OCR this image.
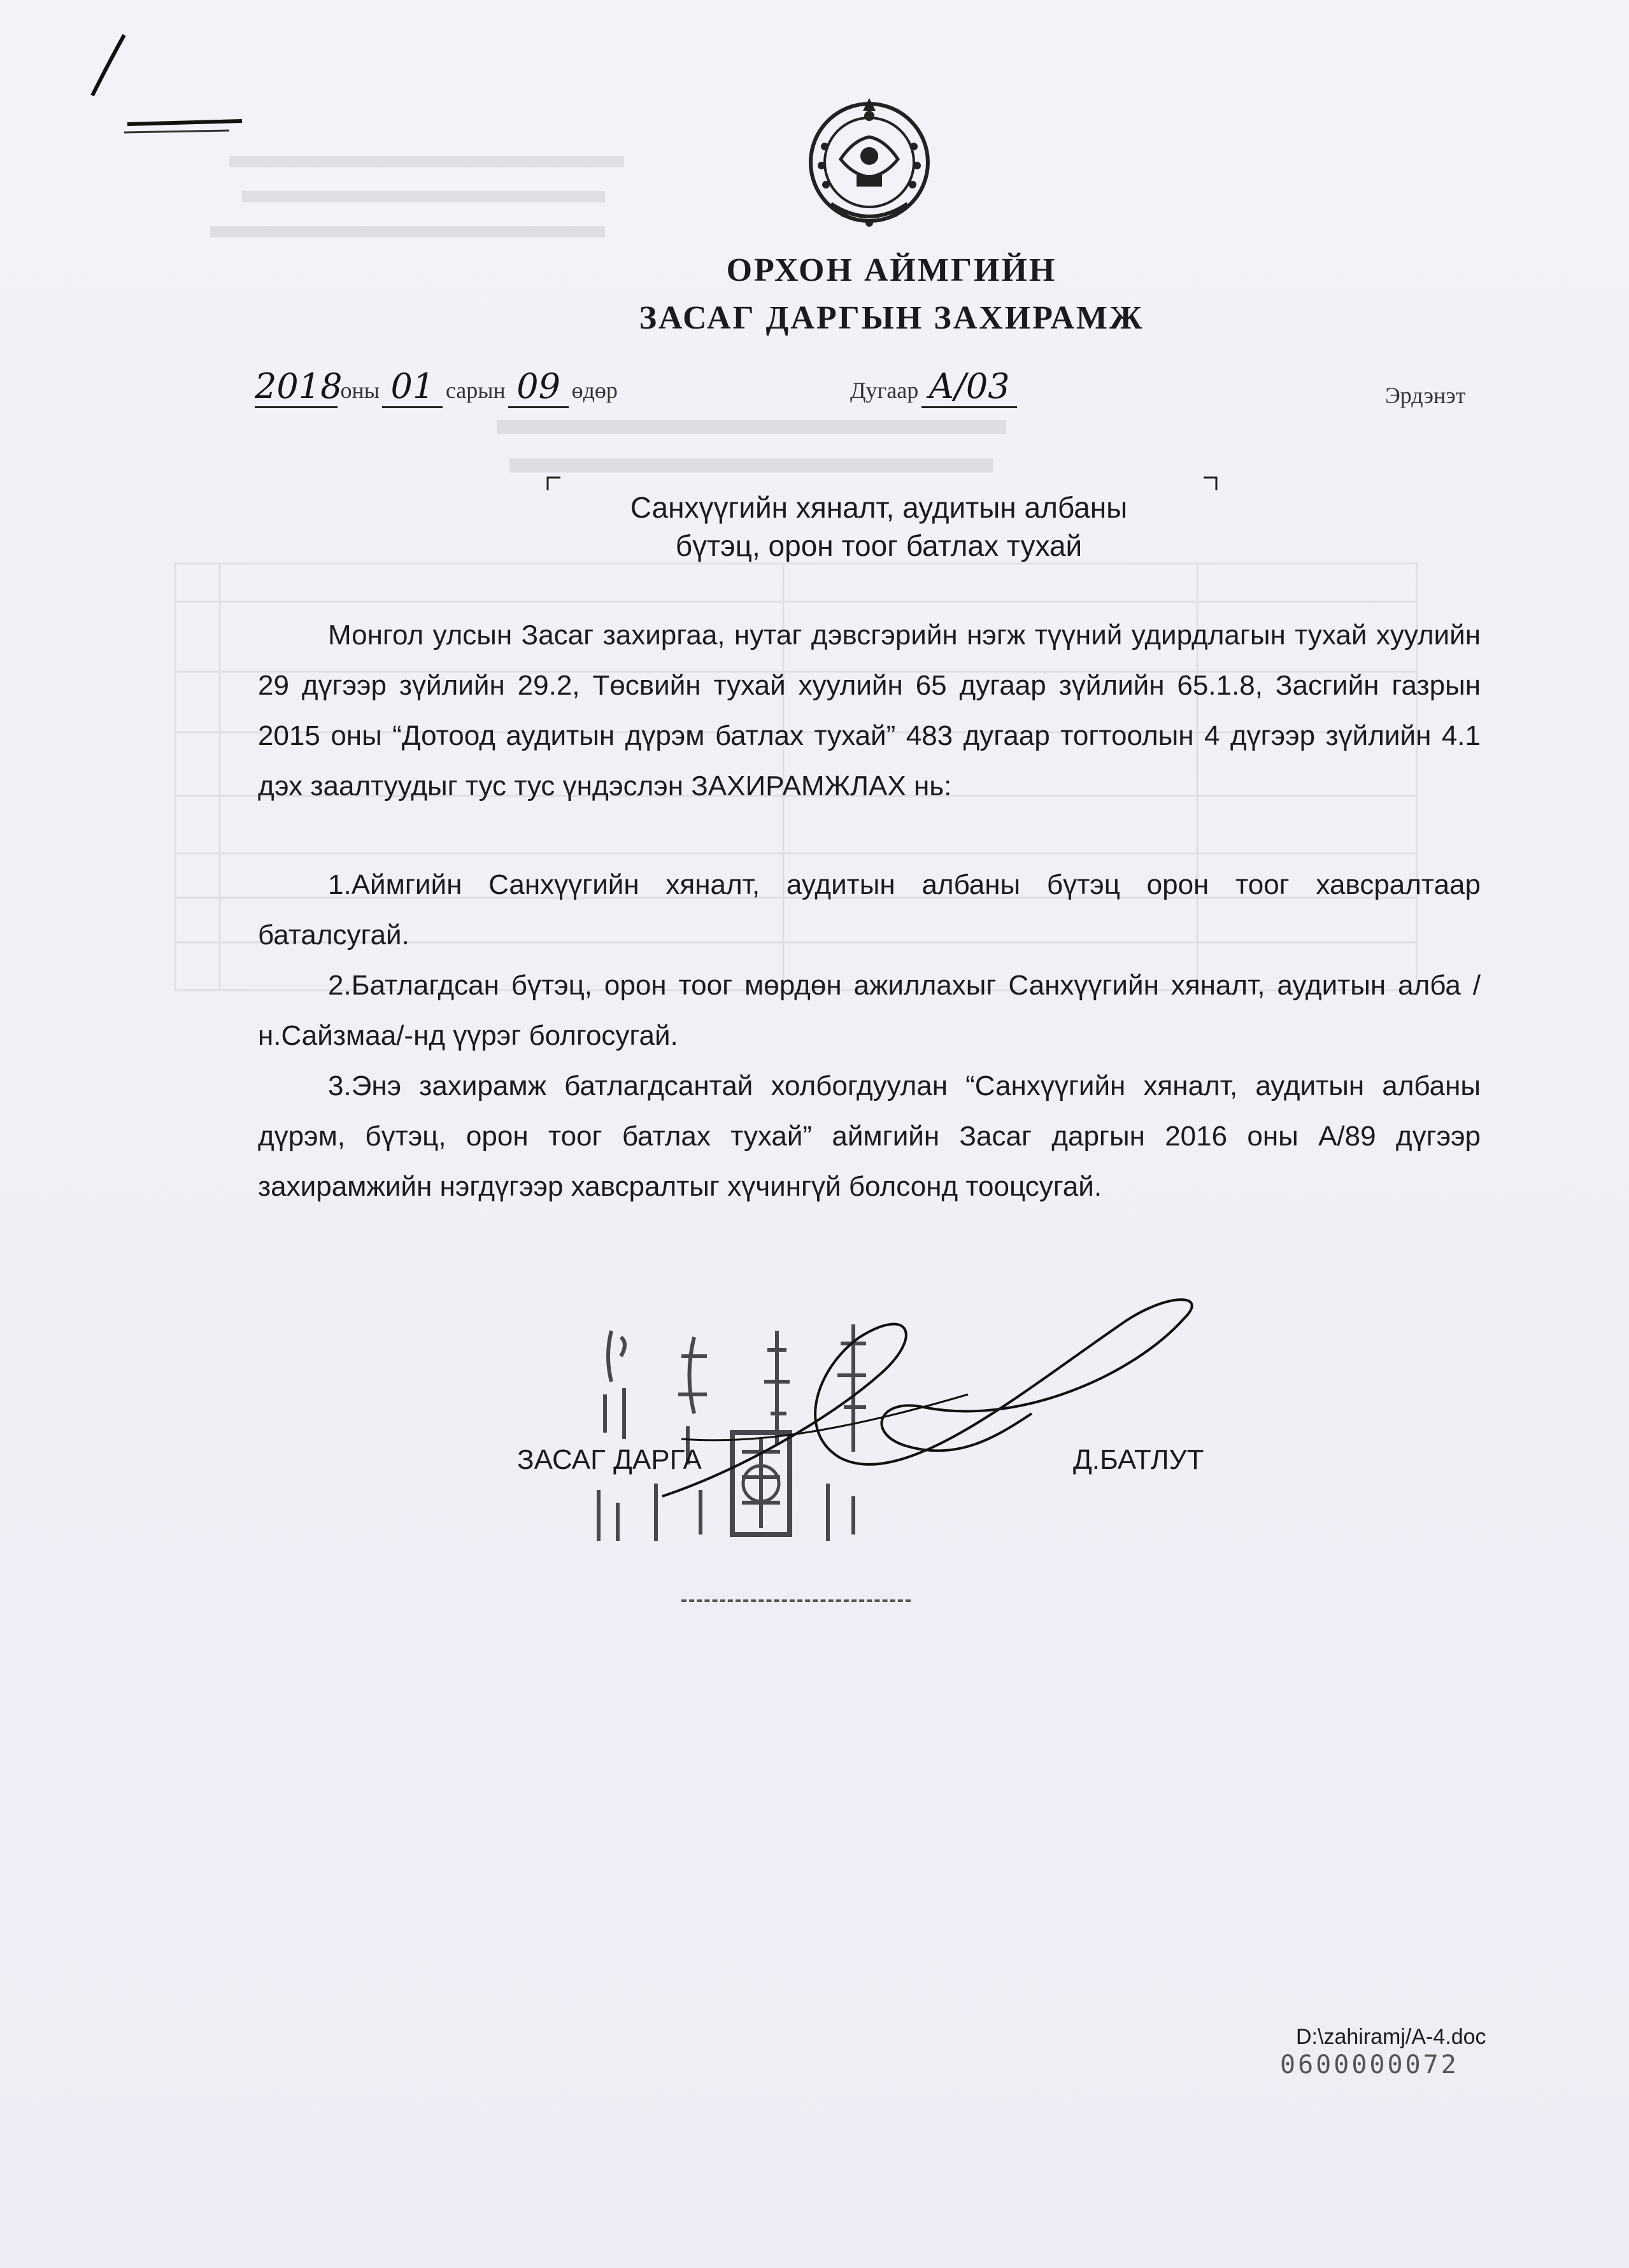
ОРХОН АЙМГИЙН
ЗАСАГ ДАРГЫН ЗАХИРАМЖ
2018 оны 01 сарын 09 өдөр	Дугаар А/03	Эрдэнэт
Санхүүгийн хяналт, аудитын албаны
бүтэц, орон тоог батлах тухай

Монгол улсын Засаг захиргаа, нутаг дэвсгэрийн нэгж түүний удирдлагын тухай хуулийн 29 дүгээр зүйлийн 29.2, Төсвийн тухай хуулийн 65 дугаар зүйлийн 65.1.8, Засгийн газрын 2015 оны “Дотоод аудитын дүрэм батлах тухай” 483 дугаар тогтоолын 4 дүгээр зүйлийн 4.1 дэх заалтуудыг тус тус үндэслэн ЗАХИРАМЖЛАХ нь:

1.Аймгийн Санхүүгийн хяналт, аудитын албаны бүтэц орон тоог хавсралтаар баталсугай.

2.Батлагдсан бүтэц, орон тоог мөрдөн ажиллахыг Санхүүгийн хяналт, аудитын алба /н.Сайзмаа/-нд үүрэг болгосугай.

3.Энэ захирамж батлагдсантай холбогдуулан “Санхүүгийн хяналт, аудитын албаны дүрэм, бүтэц, орон тоог батлах тухай” аймгийн Засаг даргын 2016 оны А/89 дүгээр захирамжийн нэгдүгээр хавсралтыг хүчингүй болсонд тооцсугай.

ЗАСАГ ДАРГА	Д.БАТЛУТ
D:\zahiramj/A-4.doc
0600000072
